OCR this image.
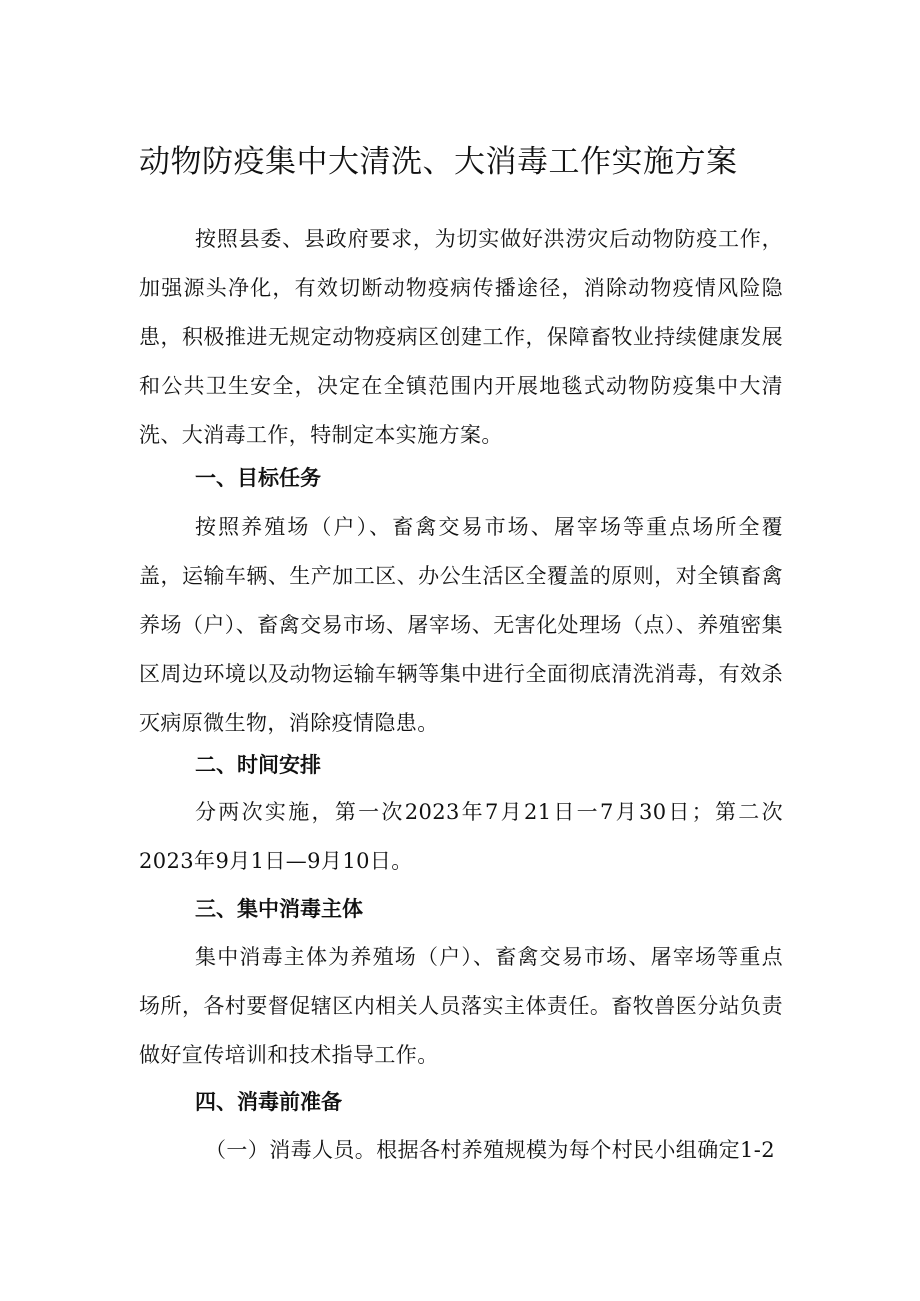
动物防疫集中大清洗、大消毒工作实施方案

按照县委、县政府要求，为切实做好洪涝灾后动物防疫工作，加强源头净化，有效切断动物疫病传播途径，消除动物疫情风险隐患，积极推进无规定动物疫病区创建工作，保障畜牧业持续健康发展和公共卫生安全，决定在全镇范围内开展地毯式动物防疫集中大清洗、大消毒工作，特制定本实施方案。

一、目标任务

按照养殖场（户）、畜禽交易市场、屠宰场等重点场所全覆盖，运输车辆、生产加工区、办公生活区全覆盖的原则，对全镇畜禽养场（户）、畜禽交易市场、屠宰场、无害化处理场（点）、养殖密集区周边环境以及动物运输车辆等集中进行全面彻底清洗消毒，有效杀灭病原微生物，消除疫情隐患。

二、时间安排

分两次实施，第一次2023年7月21日一7月30日；第二次2023年9月1日—9月10日。

三、集中消毒主体

集中消毒主体为养殖场（户）、畜禽交易市场、屠宰场等重点场所，各村要督促辖区内相关人员落实主体责任。畜牧兽医分站负责做好宣传培训和技术指导工作。

四、消毒前准备

（一）消毒人员。根据各村养殖规模为每个村民小组确定1-2
